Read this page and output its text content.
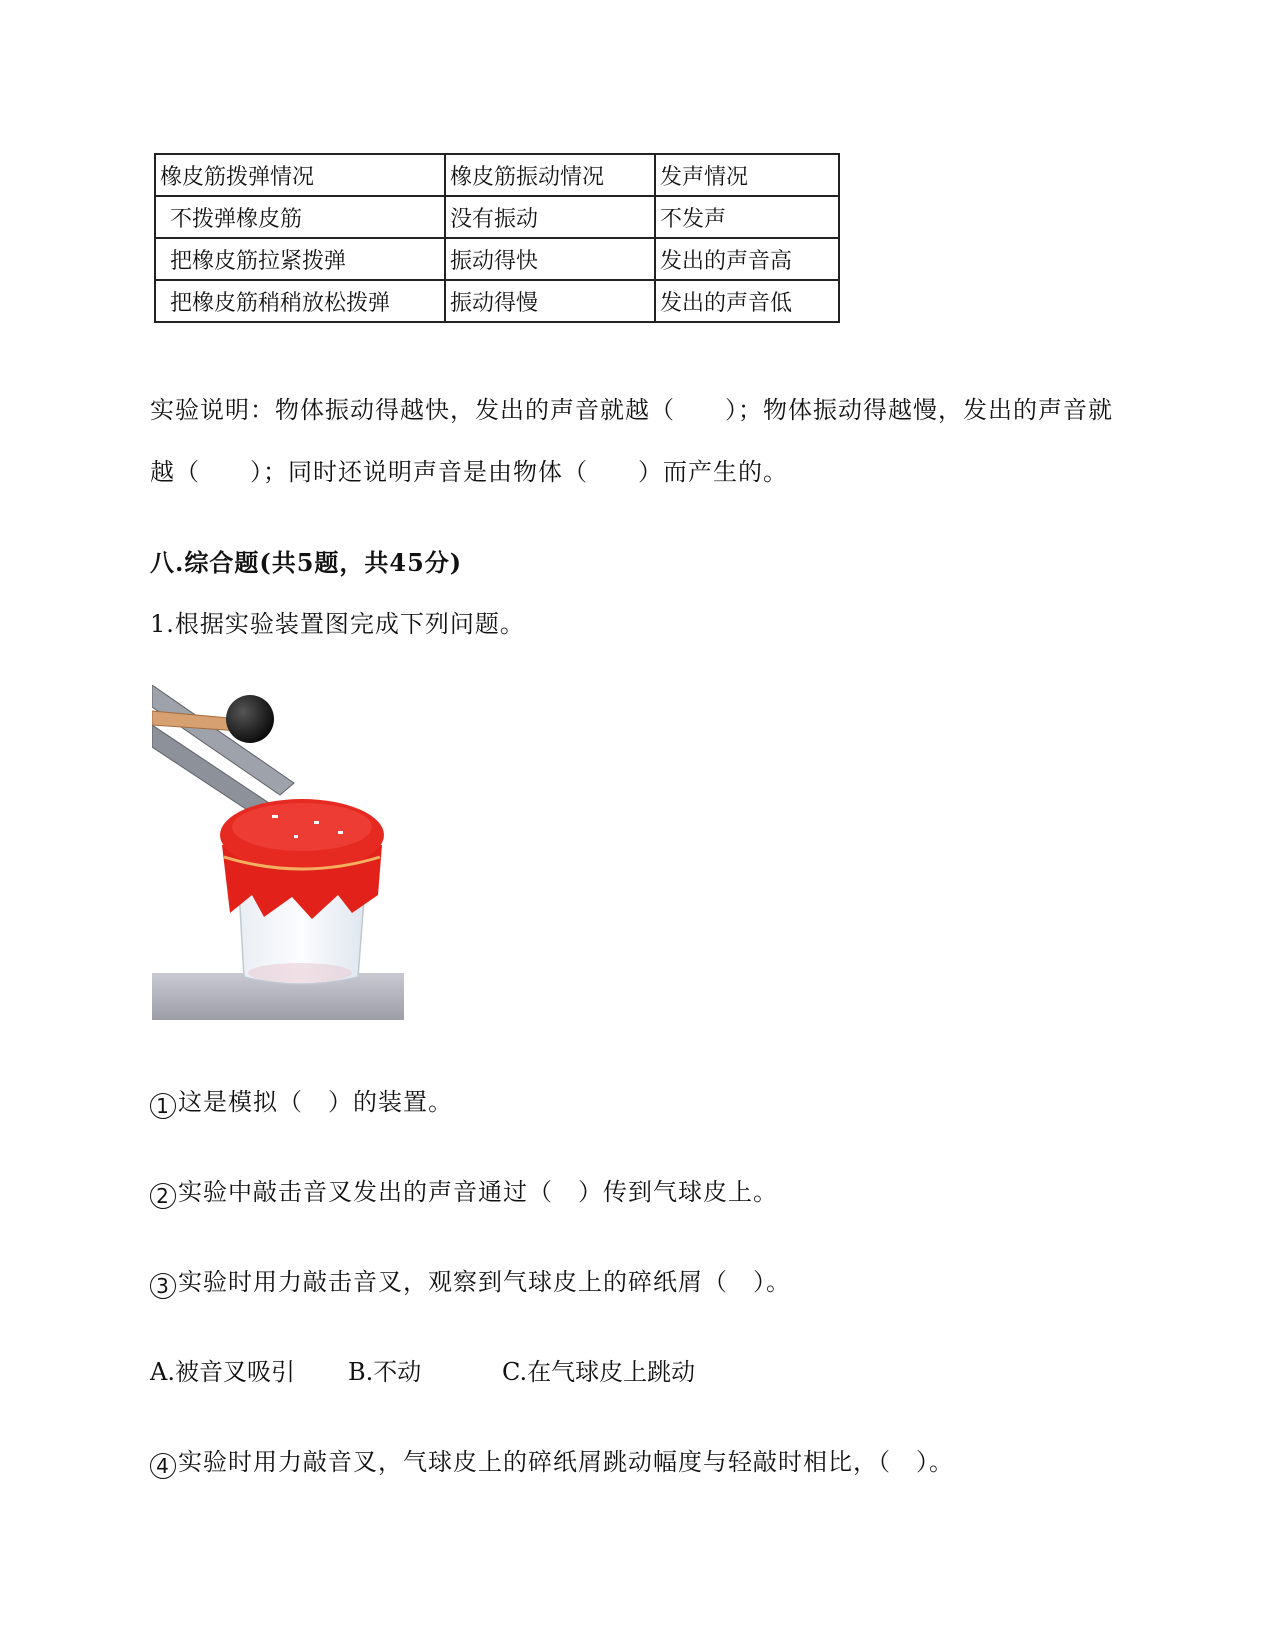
橡皮筋拨弹情况	橡皮筋振动情况	发声情况
不拨弹橡皮筋	没有振动	不发声
把橡皮筋拉紧拨弹	振动得快	发出的声音高
把橡皮筋稍稍放松拨弹	振动得慢	发出的声音低
实验说明：物体振动得越快，发出的声音就越（　　）；物体振动得越慢，发出的声音就
越（　　）；同时还说明声音是由物体（　　）而产生的。
八.综合题(共5题，共45分)
1.根据实验装置图完成下列问题。
1 这是模拟（　）的装置。
2 实验中敲击音叉发出的声音通过（　）传到气球皮上。
3 实验时用力敲击音叉，观察到气球皮上的碎纸屑（　）。
A.被音叉吸引 B.不动	C.在气球皮上跳动
4 实验时用力敲音叉，气球皮上的碎纸屑跳动幅度与轻敲时相比，（　）。
